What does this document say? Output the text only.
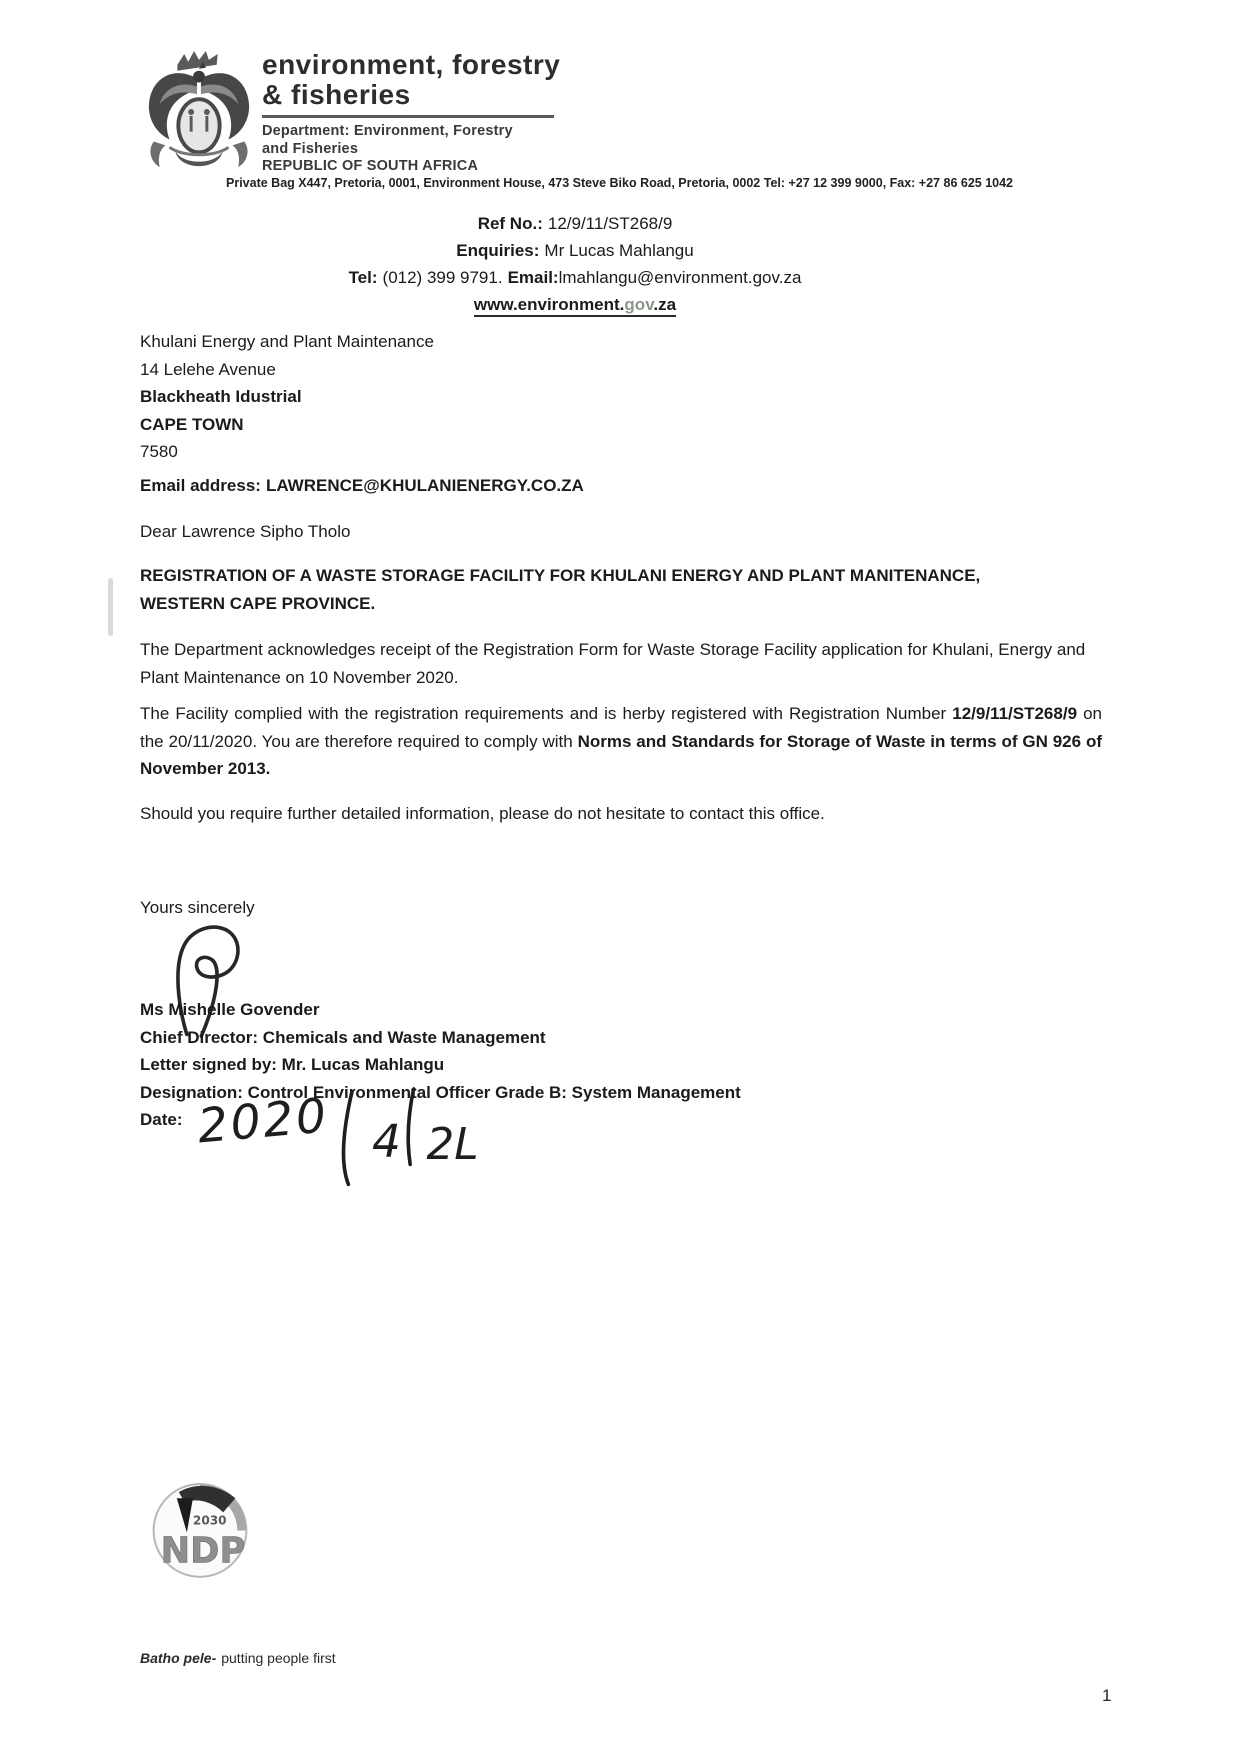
environment, forestry
& fisheries
Department: Environment, Forestry
and Fisheries
REPUBLIC OF SOUTH AFRICA
Private Bag X447, Pretoria, 0001, Environment House, 473 Steve Biko Road, Pretoria, 0002 Tel: +27 12 399 9000, Fax: +27 86 625 1042
Ref No.: 12/9/11/ST268/9
Enquiries: Mr Lucas Mahlangu
Tel: (012) 399 9791. Email:lmahlangu@environment.gov.za
www.environment.gov.za
Khulani Energy and Plant Maintenance
14 Lelehe Avenue
Blackheath Idustrial
CAPE TOWN
7580
Email address: LAWRENCE@KHULANIENERGY.CO.ZA
Dear Lawrence Sipho Tholo
REGISTRATION OF A WASTE STORAGE FACILITY FOR KHULANI ENERGY AND PLANT MANITENANCE,
WESTERN CAPE PROVINCE.
The Department acknowledges receipt of the Registration Form for Waste Storage Facility application for Khulani, Energy and Plant Maintenance on 10 November 2020.
The Facility complied with the registration requirements and is herby registered with Registration Number 12/9/11/ST268/9 on the 20/11/2020. You are therefore required to comply with Norms and Standards for Storage of Waste in terms of GN 926 of November 2013.
Should you require further detailed information, please do not hesitate to contact this office.
Yours sincerely
Ms Mishelle Govender
Chief Director: Chemicals and Waste Management
Letter signed by: Mr. Lucas Mahlangu
Designation: Control Environmental Officer Grade B: System Management
Date: 2020 4 2L
2030
NDP
Batho pele- putting people first
1
